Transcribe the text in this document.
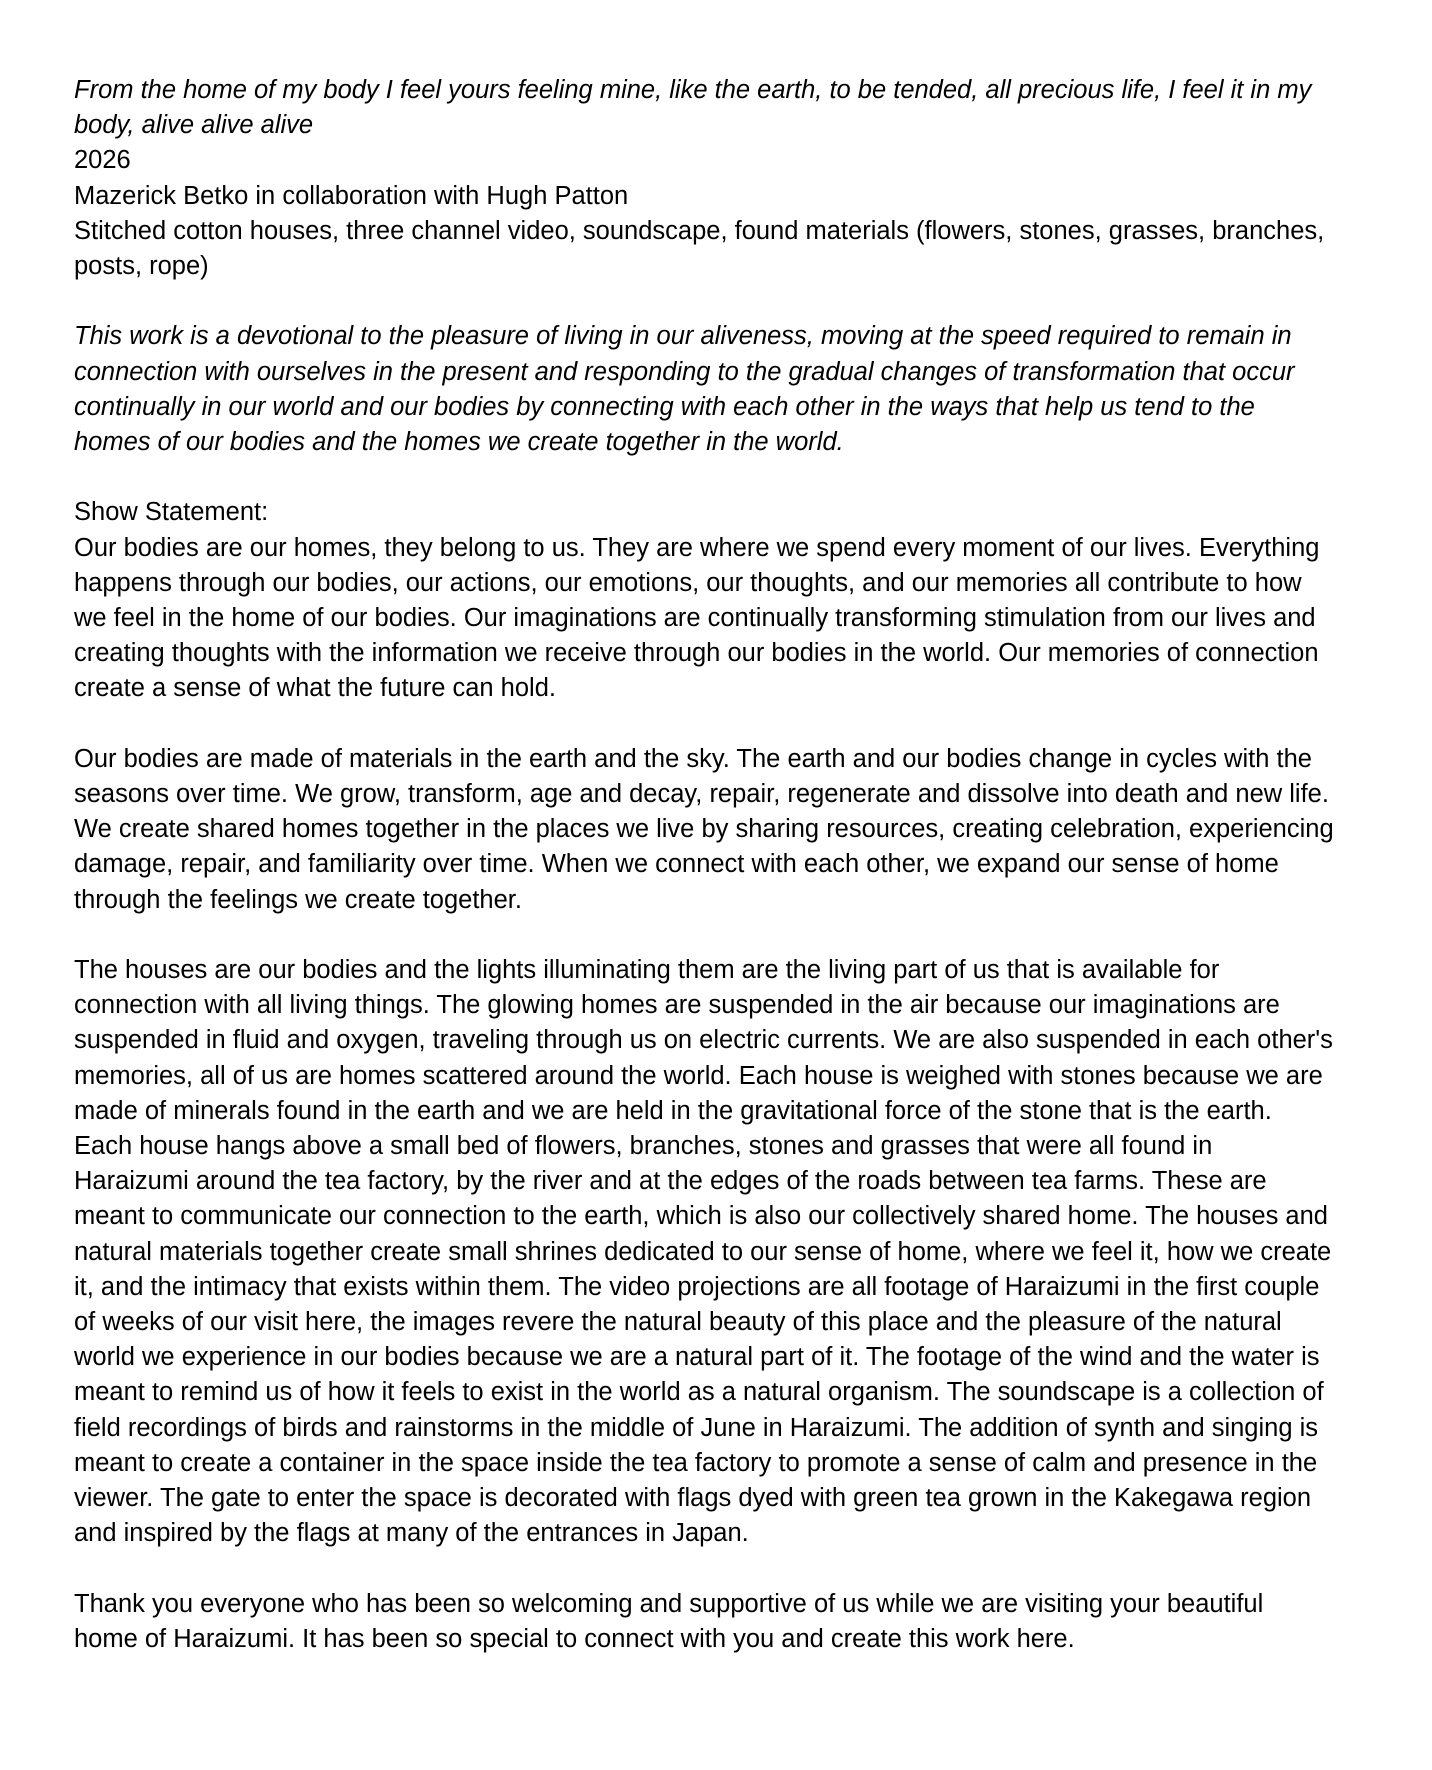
From the home of my body I feel yours feeling mine, like the earth, to be tended, all precious life, I feel it in my body, alive alive alive

2026

Mazerick Betko in collaboration with Hugh Patton

Stitched cotton houses, three channel video, soundscape, found materials (flowers, stones, grasses, branches, posts, rope)

This work is a devotional to the pleasure of living in our aliveness, moving at the speed required to remain in connection with ourselves in the present and responding to the gradual changes of transformation that occur continually in our world and our bodies by connecting with each other in the ways that help us tend to the homes of our bodies and the homes we create together in the world.

Show Statement:

Our bodies are our homes, they belong to us. They are where we spend every moment of our lives. Everything happens through our bodies, our actions, our emotions, our thoughts, and our memories all contribute to how we feel in the home of our bodies. Our imaginations are continually transforming stimulation from our lives and creating thoughts with the information we receive through our bodies in the world. Our memories of connection create a sense of what the future can hold.

Our bodies are made of materials in the earth and the sky. The earth and our bodies change in cycles with the seasons over time. We grow, transform, age and decay, repair, regenerate and dissolve into death and new life. We create shared homes together in the places we live by sharing resources, creating celebration, experiencing damage, repair, and familiarity over time. When we connect with each other, we expand our sense of home through the feelings we create together.

The houses are our bodies and the lights illuminating them are the living part of us that is available for connection with all living things. The glowing homes are suspended in the air because our imaginations are suspended in fluid and oxygen, traveling through us on electric currents. We are also suspended in each other's memories, all of us are homes scattered around the world. Each house is weighed with stones because we are made of minerals found in the earth and we are held in the gravitational force of the stone that is the earth. Each house hangs above a small bed of flowers, branches, stones and grasses that were all found in Haraizumi around the tea factory, by the river and at the edges of the roads between tea farms. These are meant to communicate our connection to the earth, which is also our collectively shared home. The houses and natural materials together create small shrines dedicated to our sense of home, where we feel it, how we create it, and the intimacy that exists within them. The video projections are all footage of Haraizumi in the first couple of weeks of our visit here, the images revere the natural beauty of this place and the pleasure of the natural world we experience in our bodies because we are a natural part of it. The footage of the wind and the water is meant to remind us of how it feels to exist in the world as a natural organism. The soundscape is a collection of field recordings of birds and rainstorms in the middle of June in Haraizumi. The addition of synth and singing is meant to create a container in the space inside the tea factory to promote a sense of calm and presence in the viewer. The gate to enter the space is decorated with flags dyed with green tea grown in the Kakegawa region and inspired by the flags at many of the entrances in Japan.

Thank you everyone who has been so welcoming and supportive of us while we are visiting your beautiful home of Haraizumi. It has been so special to connect with you and create this work here.
